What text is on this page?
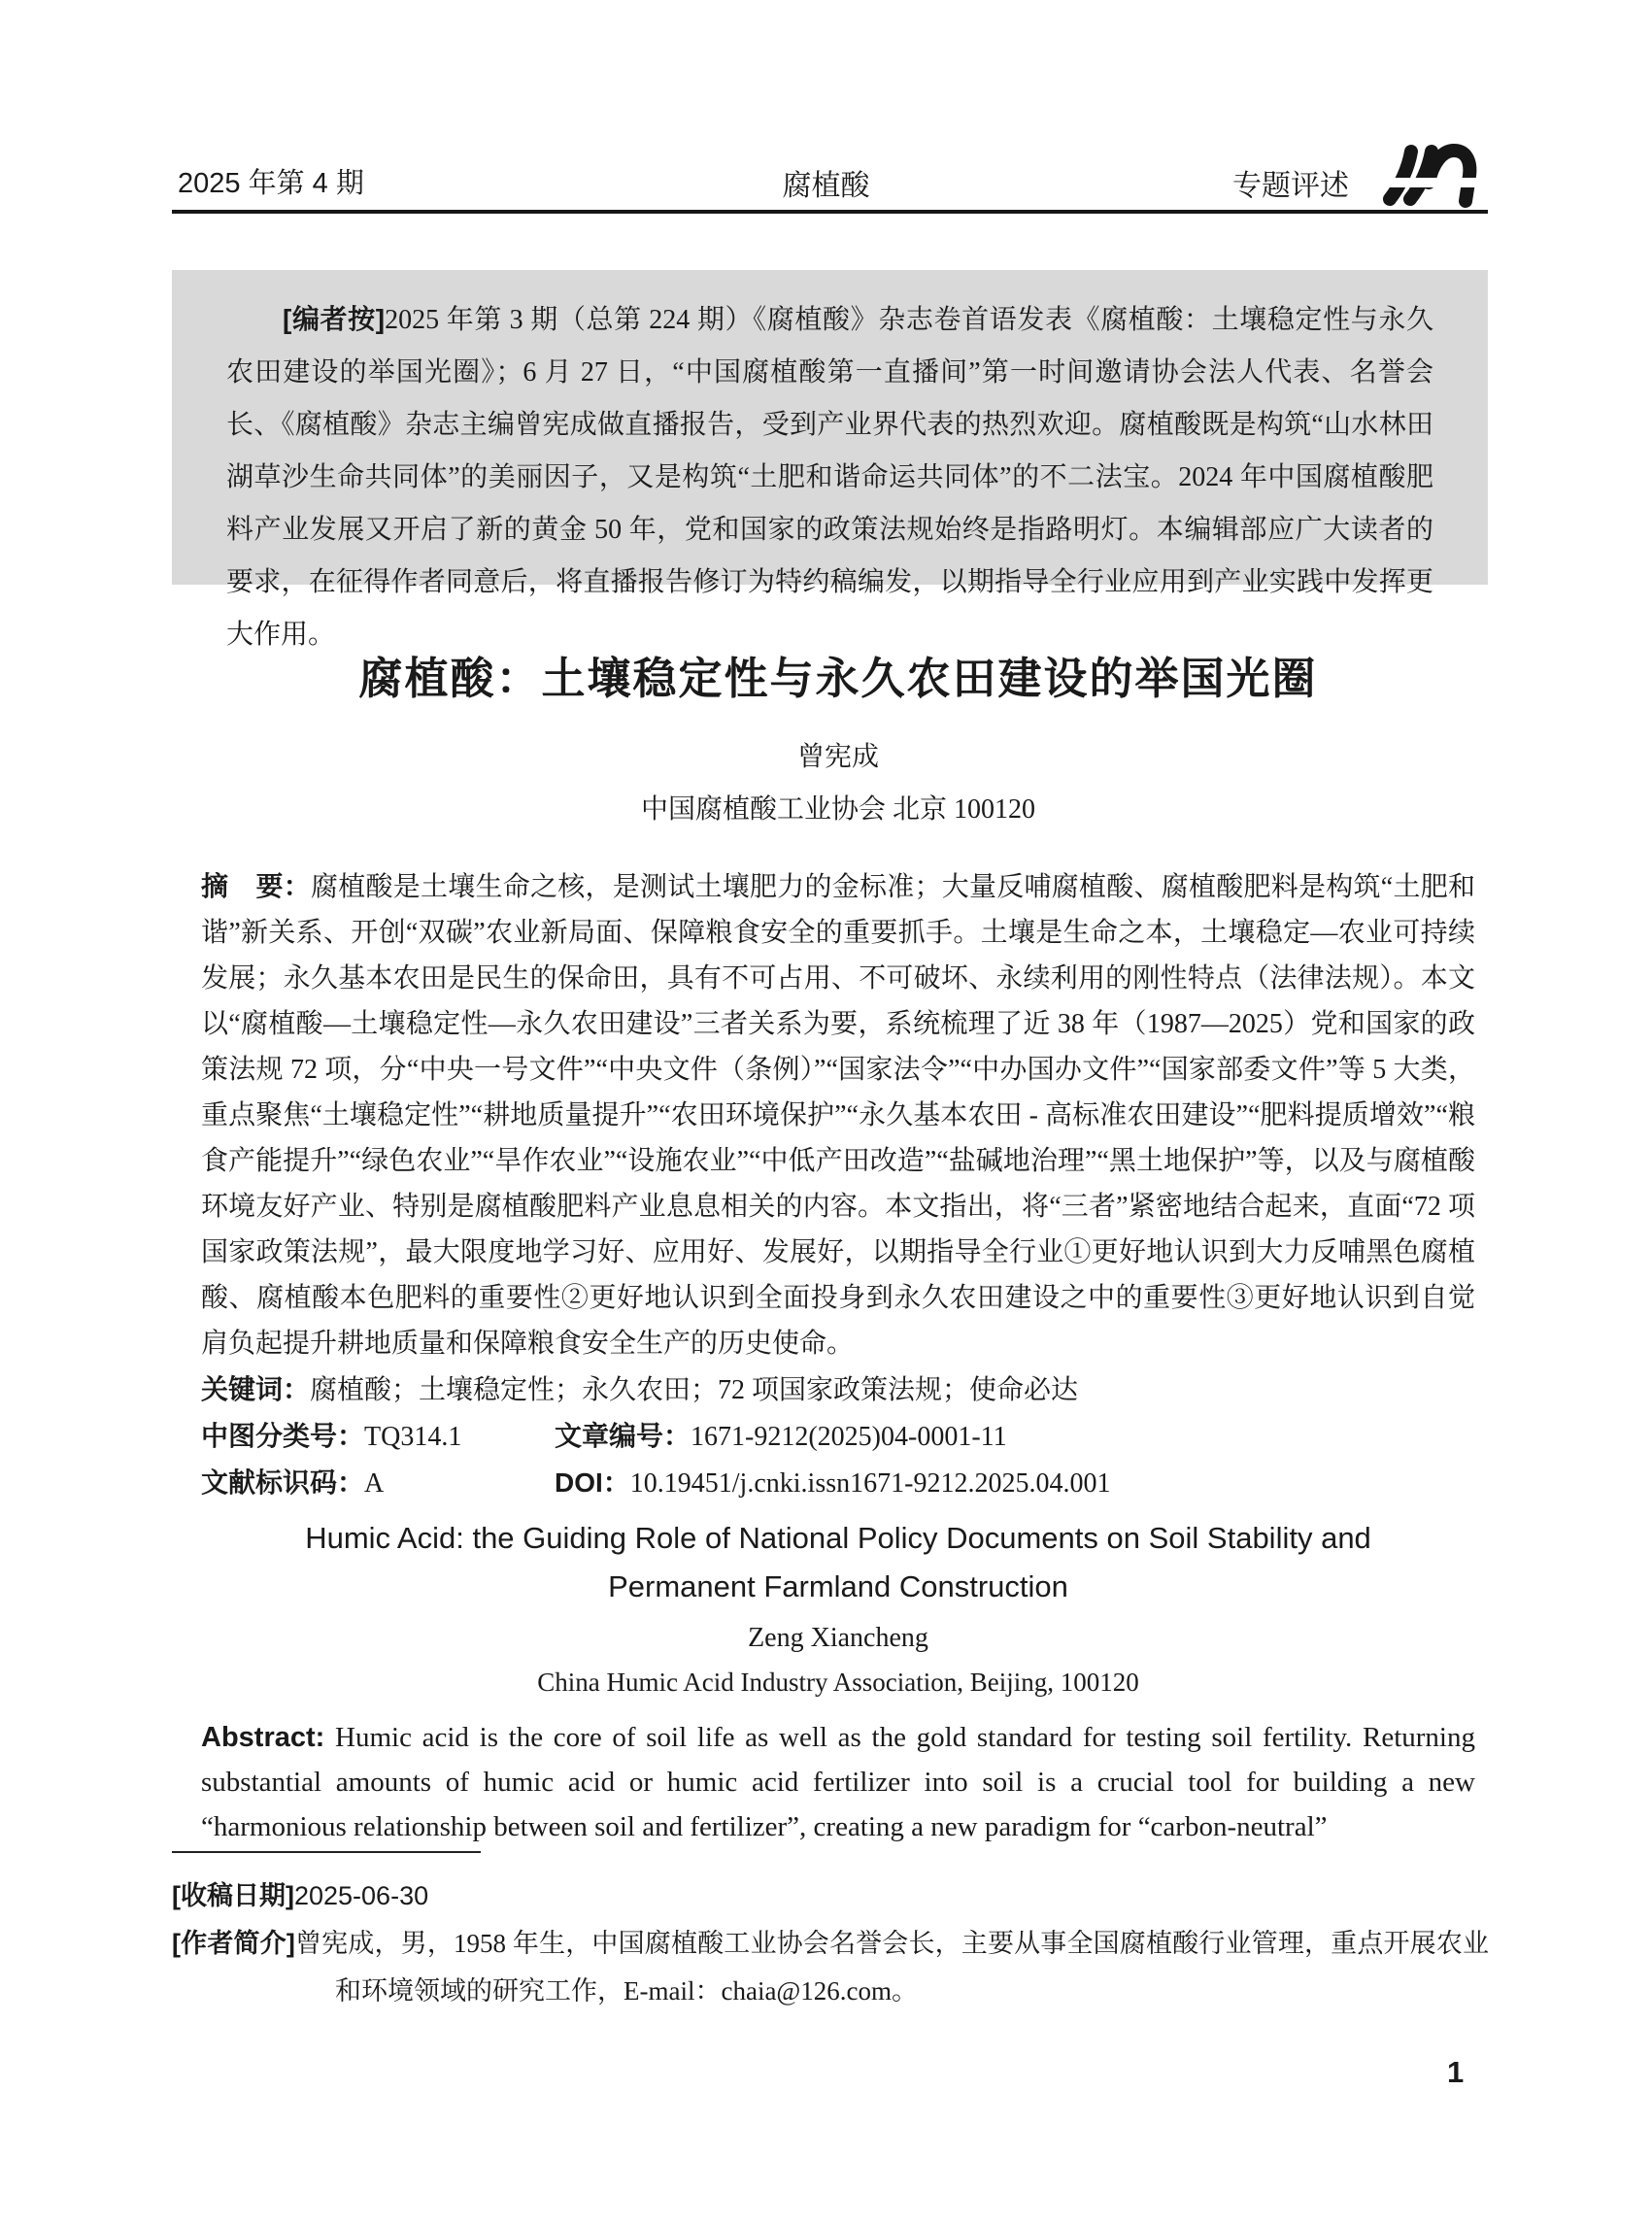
2025 年第 4 期	腐植酸	专题评述

[编者按]2025 年第 3 期（总第 224 期）《腐植酸》杂志卷首语发表《腐植酸：土壤稳定性与永久农田建设的举国光圈》；6 月 27 日，“中国腐植酸第一直播间”第一时间邀请协会法人代表、名誉会长、《腐植酸》杂志主编曾宪成做直播报告，受到产业界代表的热烈欢迎。腐植酸既是构筑“山水林田湖草沙生命共同体”的美丽因子，又是构筑“土肥和谐命运共同体”的不二法宝。2024 年中国腐植酸肥料产业发展又开启了新的黄金 50 年，党和国家的政策法规始终是指路明灯。本编辑部应广大读者的要求，在征得作者同意后，将直播报告修订为特约稿编发，以期指导全行业应用到产业实践中发挥更大作用。

腐植酸：土壤稳定性与永久农田建设的举国光圈

曾宪成

中国腐植酸工业协会 北京 100120

摘　要：腐植酸是土壤生命之核，是测试土壤肥力的金标准；大量反哺腐植酸、腐植酸肥料是构筑“土肥和谐”新关系、开创“双碳”农业新局面、保障粮食安全的重要抓手。土壤是生命之本，土壤稳定—农业可持续发展；永久基本农田是民生的保命田，具有不可占用、不可破坏、永续利用的刚性特点（法律法规）。本文以“腐植酸—土壤稳定性—永久农田建设”三者关系为要，系统梳理了近 38 年（1987—2025）党和国家的政策法规 72 项，分“中央一号文件”“中央文件（条例）”“国家法令”“中办国办文件”“国家部委文件”等 5 大类，重点聚焦“土壤稳定性”“耕地质量提升”“农田环境保护”“永久基本农田 - 高标准农田建设”“肥料提质增效”“粮食产能提升”“绿色农业”“旱作农业”“设施农业”“中低产田改造”“盐碱地治理”“黑土地保护”等，以及与腐植酸环境友好产业、特别是腐植酸肥料产业息息相关的内容。本文指出，将“三者”紧密地结合起来，直面“72 项国家政策法规”，最大限度地学习好、应用好、发展好，以期指导全行业①更好地认识到大力反哺黑色腐植酸、腐植酸本色肥料的重要性②更好地认识到全面投身到永久农田建设之中的重要性③更好地认识到自觉肩负起提升耕地质量和保障粮食安全生产的历史使命。

关键词：腐植酸；土壤稳定性；永久农田；72 项国家政策法规；使命必达

中图分类号：TQ314.1	文章编号：1671-9212(2025)04-0001-11
文献标识码：A	DOI：10.19451/j.cnki.issn1671-9212.2025.04.001

Humic Acid: the Guiding Role of National Policy Documents on Soil Stability and Permanent Farmland Construction

Zeng Xiancheng

China Humic Acid Industry Association, Beijing, 100120

Abstract: Humic acid is the core of soil life as well as the gold standard for testing soil fertility. Returning substantial amounts of humic acid or humic acid fertilizer into soil is a crucial tool for building a new “harmonious relationship between soil and fertilizer”, creating a new paradigm for “carbon-neutral”

[收稿日期]2025-06-30
[作者简介]曾宪成，男，1958 年生，中国腐植酸工业协会名誉会长，主要从事全国腐植酸行业管理，重点开展农业和环境领域的研究工作，E-mail：chaia@126.com。
1
